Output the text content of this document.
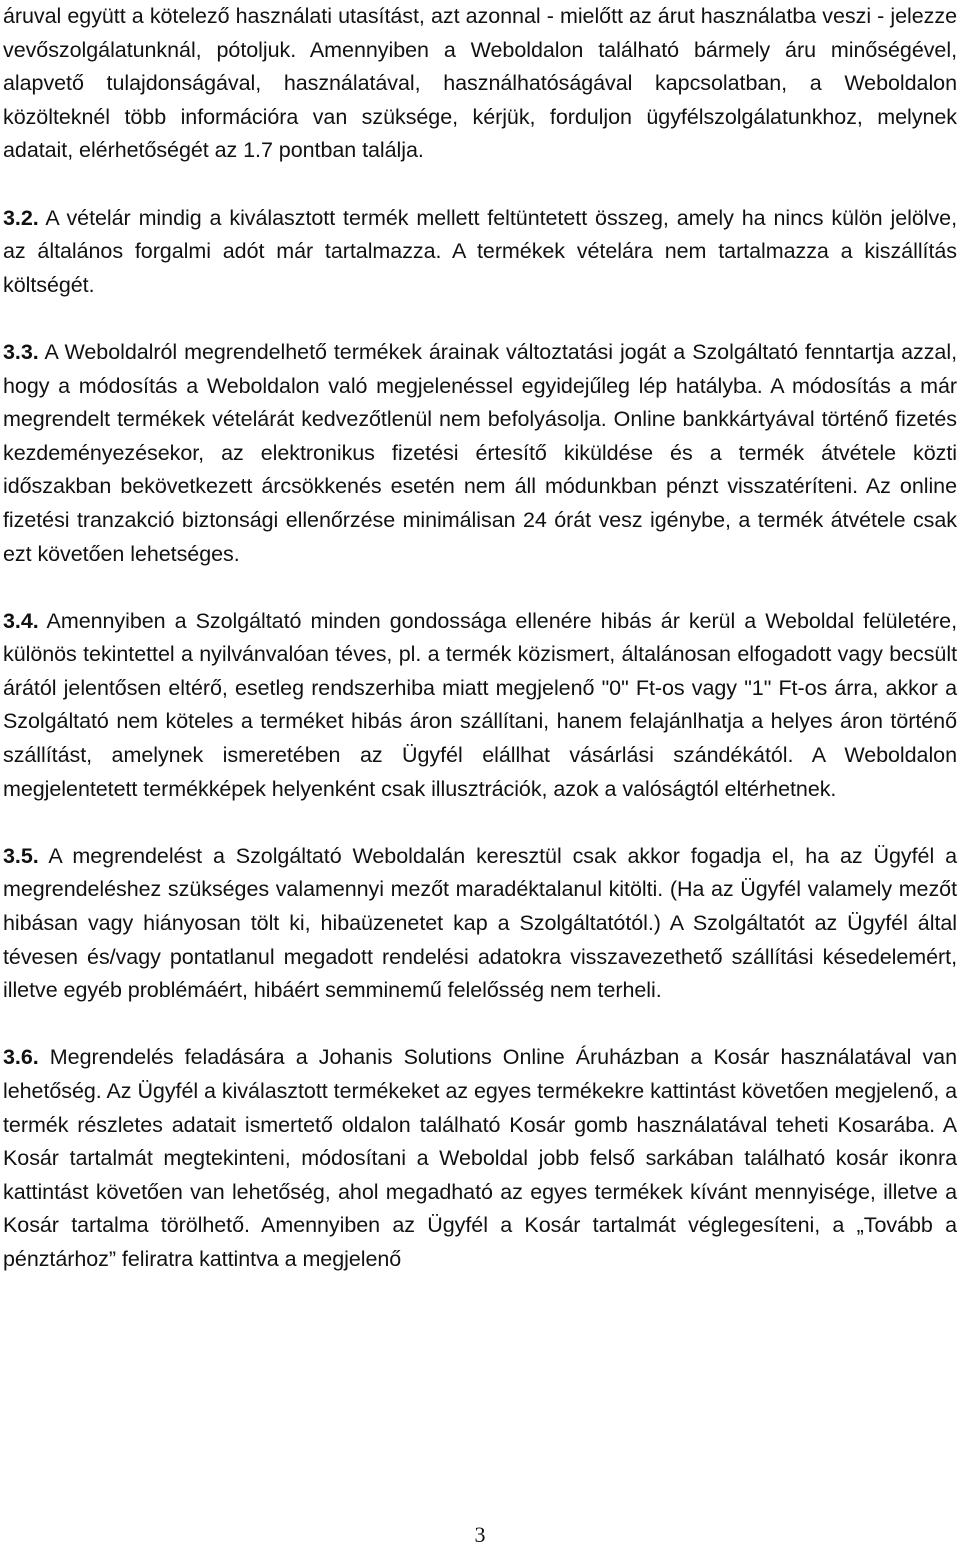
áruval együtt a kötelező használati utasítást, azt azonnal - mielőtt az árut használatba veszi - jelezze vevőszolgálatunknál, pótoljuk. Amennyiben a Weboldalon található bármely áru minőségével, alapvető tulajdonságával, használatával, használhatóságával kapcsolatban, a Weboldalon közölteknél több információra van szüksége, kérjük, forduljon ügyfélszolgálatunkhoz, melynek adatait, elérhetőségét az 1.7 pontban találja.

3.2. A vételár mindig a kiválasztott termék mellett feltüntetett összeg, amely ha nincs külön jelölve, az általános forgalmi adót már tartalmazza. A termékek vételára nem tartalmazza a kiszállítás költségét.

3.3. A Weboldalról megrendelhető termékek árainak változtatási jogát a Szolgáltató fenntartja azzal, hogy a módosítás a Weboldalon való megjelenéssel egyidejűleg lép hatályba. A módosítás a már megrendelt termékek vételárát kedvezőtlenül nem befolyásolja. Online bankkártyával történő fizetés kezdeményezésekor, az elektronikus fizetési értesítő kiküldése és a termék átvétele közti időszakban bekövetkezett árcsökkenés esetén nem áll módunkban pénzt visszatéríteni. Az online fizetési tranzakció biztonsági ellenőrzése minimálisan 24 órát vesz igénybe, a termék átvétele csak ezt követően lehetséges.

3.4. Amennyiben a Szolgáltató minden gondossága ellenére hibás ár kerül a Weboldal felületére, különös tekintettel a nyilvánvalóan téves, pl. a termék közismert, általánosan elfogadott vagy becsült árától jelentősen eltérő, esetleg rendszerhiba miatt megjelenő "0" Ft-os vagy "1" Ft-os árra, akkor a Szolgáltató nem köteles a terméket hibás áron szállítani, hanem felajánlhatja a helyes áron történő szállítást, amelynek ismeretében az Ügyfél elállhat vásárlási szándékától. A Weboldalon megjelentetett termékképek helyenként csak illusztrációk, azok a valóságtól eltérhetnek.

3.5. A megrendelést a Szolgáltató Weboldalán keresztül csak akkor fogadja el, ha az Ügyfél a megrendeléshez szükséges valamennyi mezőt maradéktalanul kitölti. (Ha az Ügyfél valamely mezőt hibásan vagy hiányosan tölt ki, hibaüzenetet kap a Szolgáltatótól.) A Szolgáltatót az Ügyfél által tévesen és/vagy pontatlanul megadott rendelési adatokra visszavezethető szállítási késedelemért, illetve egyéb problémáért, hibáért semminemű felelősség nem terheli.

3.6. Megrendelés feladására a Johanis Solutions Online Áruházban a Kosár használatával van lehetőség. Az Ügyfél a kiválasztott termékeket az egyes termékekre kattintást követően megjelenő, a termék részletes adatait ismertető oldalon található Kosár gomb használatával teheti Kosarába. A Kosár tartalmát megtekinteni, módosítani a Weboldal jobb felső sarkában található kosár ikonra kattintást követően van lehetőség, ahol megadható az egyes termékek kívánt mennyisége, illetve a Kosár tartalma törölhető. Amennyiben az Ügyfél a Kosár tartalmát véglegesíteni, a „Tovább a pénztárhoz” feliratra kattintva a megjelenő

3
